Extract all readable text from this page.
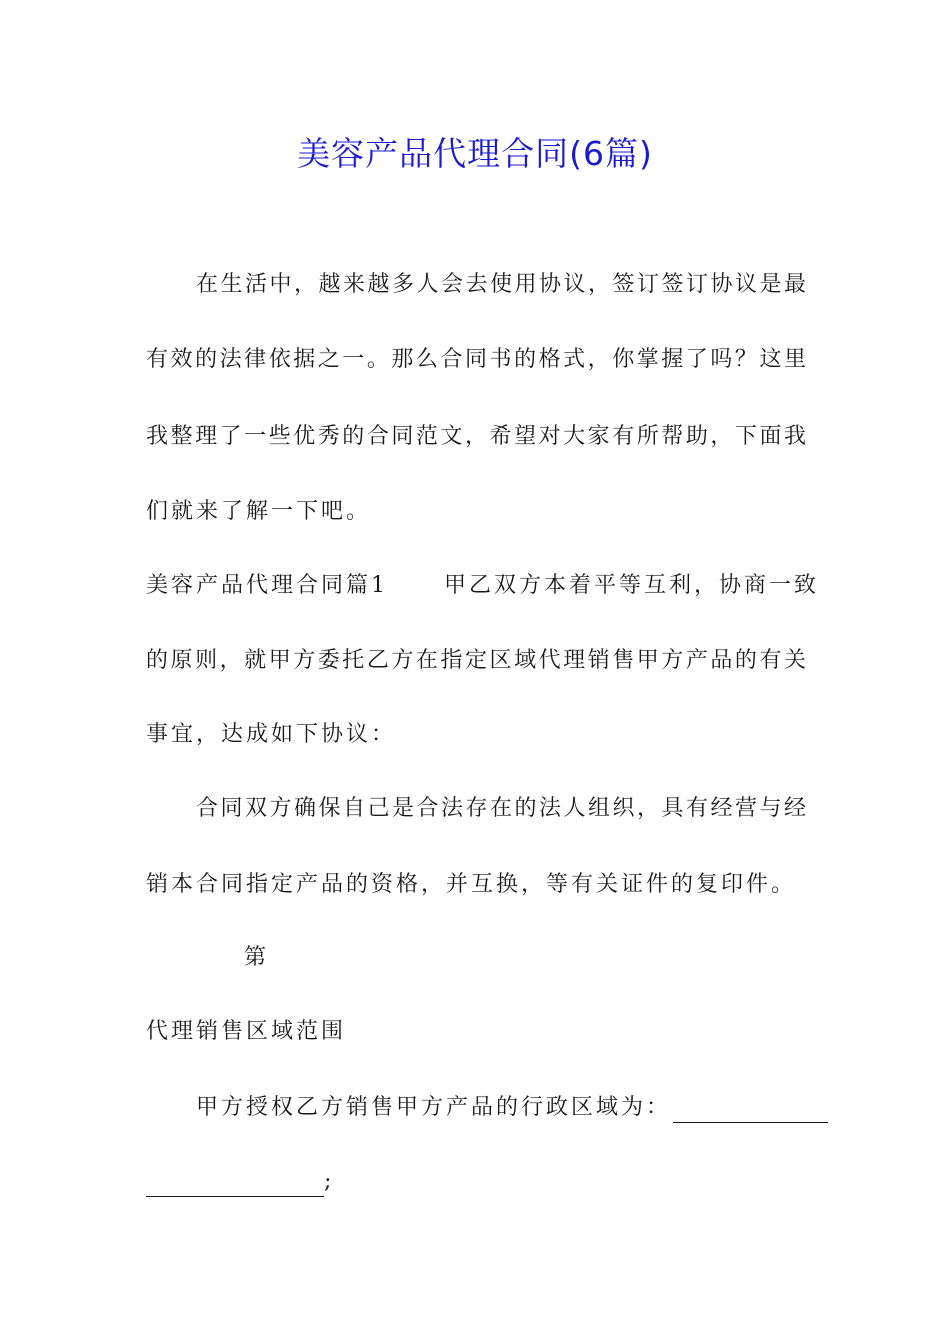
美容产品代理合同(6篇)

在生活中，越来越多人会去使用协议，签订签订协议是最

有效的法律依据之一。那么合同书的格式，你掌握了吗？这里

我整理了一些优秀的合同范文，希望对大家有所帮助，下面我

们就来了解一下吧。

美容产品代理合同篇1	甲乙双方本着平等互利，协商一致

的原则，就甲方委托乙方在指定区域代理销售甲方产品的有关

事宜，达成如下协议：

合同双方确保自己是合法存在的法人组织，具有经营与经

销本合同指定产品的资格，并互换，等有关证件的复印件。

第

代理销售区域范围

甲方授权乙方销售甲方产品的行政区域为：

;
